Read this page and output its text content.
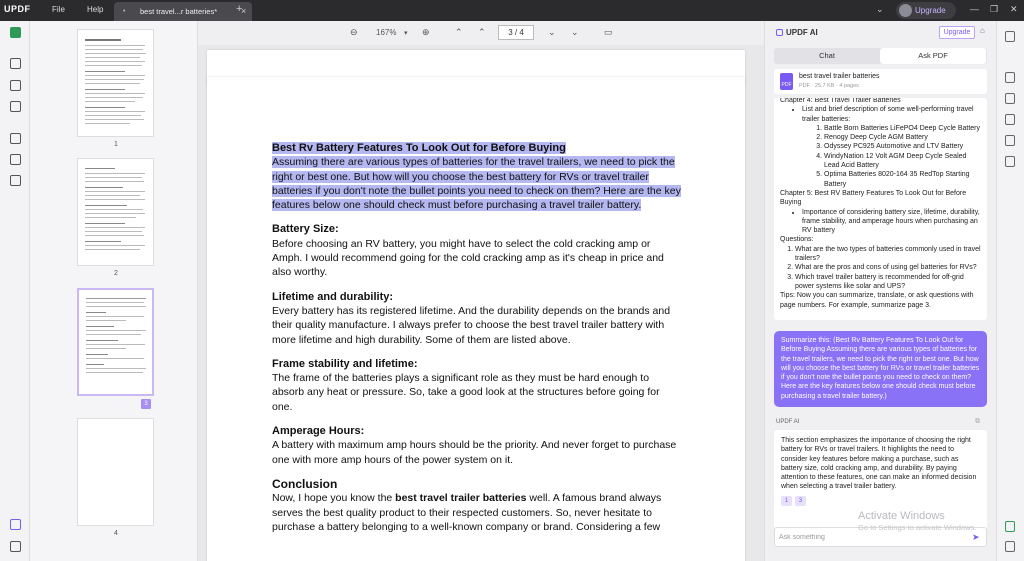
UPDF	File	Help	• best travel...r batteries*	×
+	⌄	Upgrade	— ❐ ✕
1
2
3
4
⊖ 167% ▾ ⊕	⌃ ⌃	3 / 4	⌄ ⌄	▭
Best Rv Battery Features To Look Out for Before Buying

Assuming there are various types of batteries for the travel trailers, we need to pick the right or best one. But how will you choose the best battery for RVs or travel trailer batteries if you don't note the bullet points you need to check on them? Here are the key features below one should check must before purchasing a travel trailer battery.

Battery Size:

Before choosing an RV battery, you might have to select the cold cracking amp or Amph. I would recommend going for the cold cracking amp as it's cheap in price and also worthy.

Lifetime and durability:

Every battery has its registered lifetime. And the durability depends on the brands and their quality manufacture. I always prefer to choose the best travel trailer battery with more lifetime and high durability. Some of them are listed above.

Frame stability and lifetime:

The frame of the batteries plays a significant role as they must be hard enough to absorb any heat or pressure. So, take a good look at the structures before going for one.

Amperage Hours:

A battery with maximum amp hours should be the priority. And never forget to purchase one with more amp hours of the power system on it.

Conclusion

Now, I hope you know the best travel trailer batteries well. A famous brand always serves the best quality product to their respected customers. So, never hesitate to purchase a battery belonging to a well-known company or brand. Considering a few

UPDF AI	Upgrade	⌂
Chat	Ask PDF
PDF
best travel trailer batteries
PDF · 25.7 KB · 4 pages
Chapter 4: Best Travel Trailer Batteries
• List and brief description of some well-performing travel trailer batteries:
1. Battle Born Batteries LiFePO4 Deep Cycle Battery
2. Renogy Deep Cycle AGM Battery
3. Odyssey PC925 Automotive and LTV Battery
4. WindyNation 12 Volt AGM Deep Cycle Sealed Lead Acid Battery
5. Optima Batteries 8020-164 35 RedTop Starting Battery
Chapter 5: Best RV Battery Features To Look Out for Before Buying
• Importance of considering battery size, lifetime, durability, frame stability, and amperage hours when purchasing an RV battery
Questions:
1. What are the two types of batteries commonly used in travel trailers?
2. What are the pros and cons of using gel batteries for RVs?
3. Which travel trailer battery is recommended for off-grid power systems like solar and UPS?
Tips: Now you can summarize, translate, or ask questions with page numbers. For example, summarize page 3.
Summarize this: (Best Rv Battery Features To Look Out for Before Buying Assuming there are various types of batteries for the travel trailers, we need to pick the right or best one. But how will you choose the best battery for RVs or travel trailer batteries if you don't note the bullet points you need to check on them? Here are the key features below one should check must before purchasing a travel trailer battery.)
UPDF AI	⧉
This section emphasizes the importance of choosing the right battery for RVs or travel trailers. It highlights the need to consider key features before making a purchase, such as battery size, cold cracking amp, and durability. By paying attention to these features, one can make an informed decision when selecting a travel trailer battery.
1 3
Ask something
➤
Activate Windows
Go to Settings to activate Windows.
